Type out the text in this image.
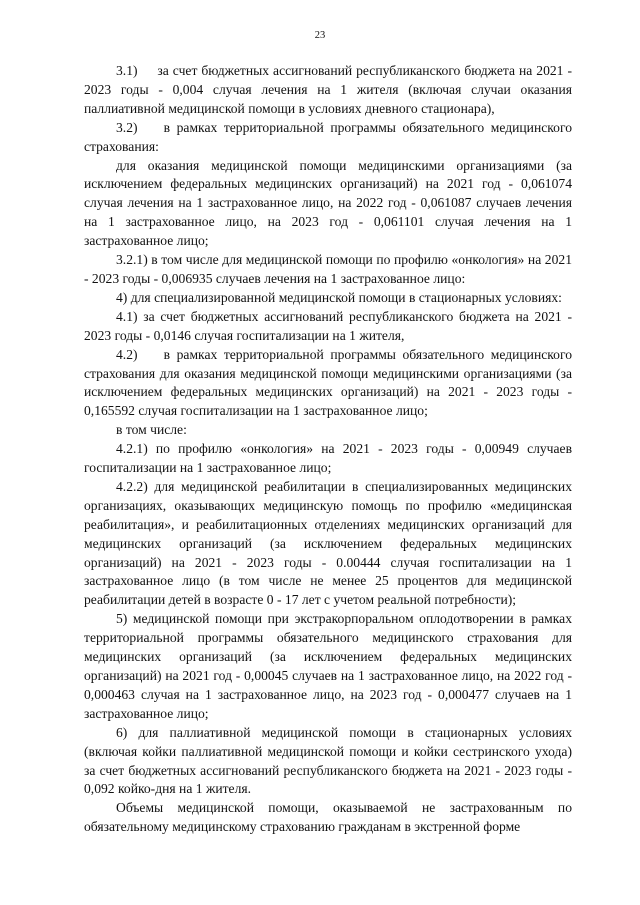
23

3.1)     за счет бюджетных ассигнований республиканского бюджета на 2021 - 2023 годы - 0,004 случая лечения на 1 жителя (включая случаи оказания паллиативной медицинской помощи в условиях дневного стационара),

3.2)    в рамках территориальной программы обязательного медицинского страхования:

для оказания медицинской помощи медицинскими организациями (за исключением федеральных медицинских организаций) на 2021 год - 0,061074 случая лечения на 1 застрахованное лицо, на 2022 год - 0,061087 случаев лечения на 1 застрахованное лицо, на 2023 год - 0,061101 случая лечения на 1 застрахованное лицо;

3.2.1) в том числе для медицинской помощи по профилю «онкология» на 2021 - 2023 годы - 0,006935 случаев лечения на 1 застрахованное лицо:

4) для специализированной медицинской помощи в стационарных условиях:

4.1) за счет бюджетных ассигнований республиканского бюджета на 2021 - 2023 годы - 0,0146 случая госпитализации на 1 жителя,

4.2)    в рамках территориальной программы обязательного медицинского страхования для оказания медицинской помощи медицинскими организациями (за исключением федеральных медицинских организаций) на 2021 - 2023 годы - 0,165592 случая госпитализации на 1 застрахованное лицо;

в том числе:

4.2.1) по профилю «онкология» на 2021 - 2023 годы - 0,00949 случаев госпитализации на 1 застрахованное лицо;

4.2.2) для медицинской реабилитации в специализированных медицинских организациях, оказывающих медицинскую помощь по профилю «медицинская реабилитация», и реабилитационных отделениях медицинских организаций для медицинских организаций (за исключением федеральных медицинских организаций) на 2021 - 2023 годы - 0.00444 случая госпитализации на 1 застрахованное лицо (в том числе не менее 25 процентов для медицинской реабилитации детей в возрасте 0 - 17 лет с учетом реальной потребности);

5) медицинской помощи при экстракорпоральном оплодотворении в рамках территориальной программы обязательного медицинского страхования для медицинских организаций (за исключением федеральных медицинских организаций) на 2021 год - 0,00045 случаев на 1 застрахованное лицо, на 2022 год - 0,000463 случая на 1 застрахованное лицо, на 2023 год - 0,000477 случаев на 1 застрахованное лицо;

6) для паллиативной медицинской помощи в стационарных условиях (включая койки паллиативной медицинской помощи и койки сестринского ухода) за счет бюджетных ассигнований республиканского бюджета на 2021 - 2023 годы - 0,092 койко-дня на 1 жителя.

Объемы медицинской помощи, оказываемой не застрахованным по обязательному медицинскому страхованию гражданам в экстренной форме
